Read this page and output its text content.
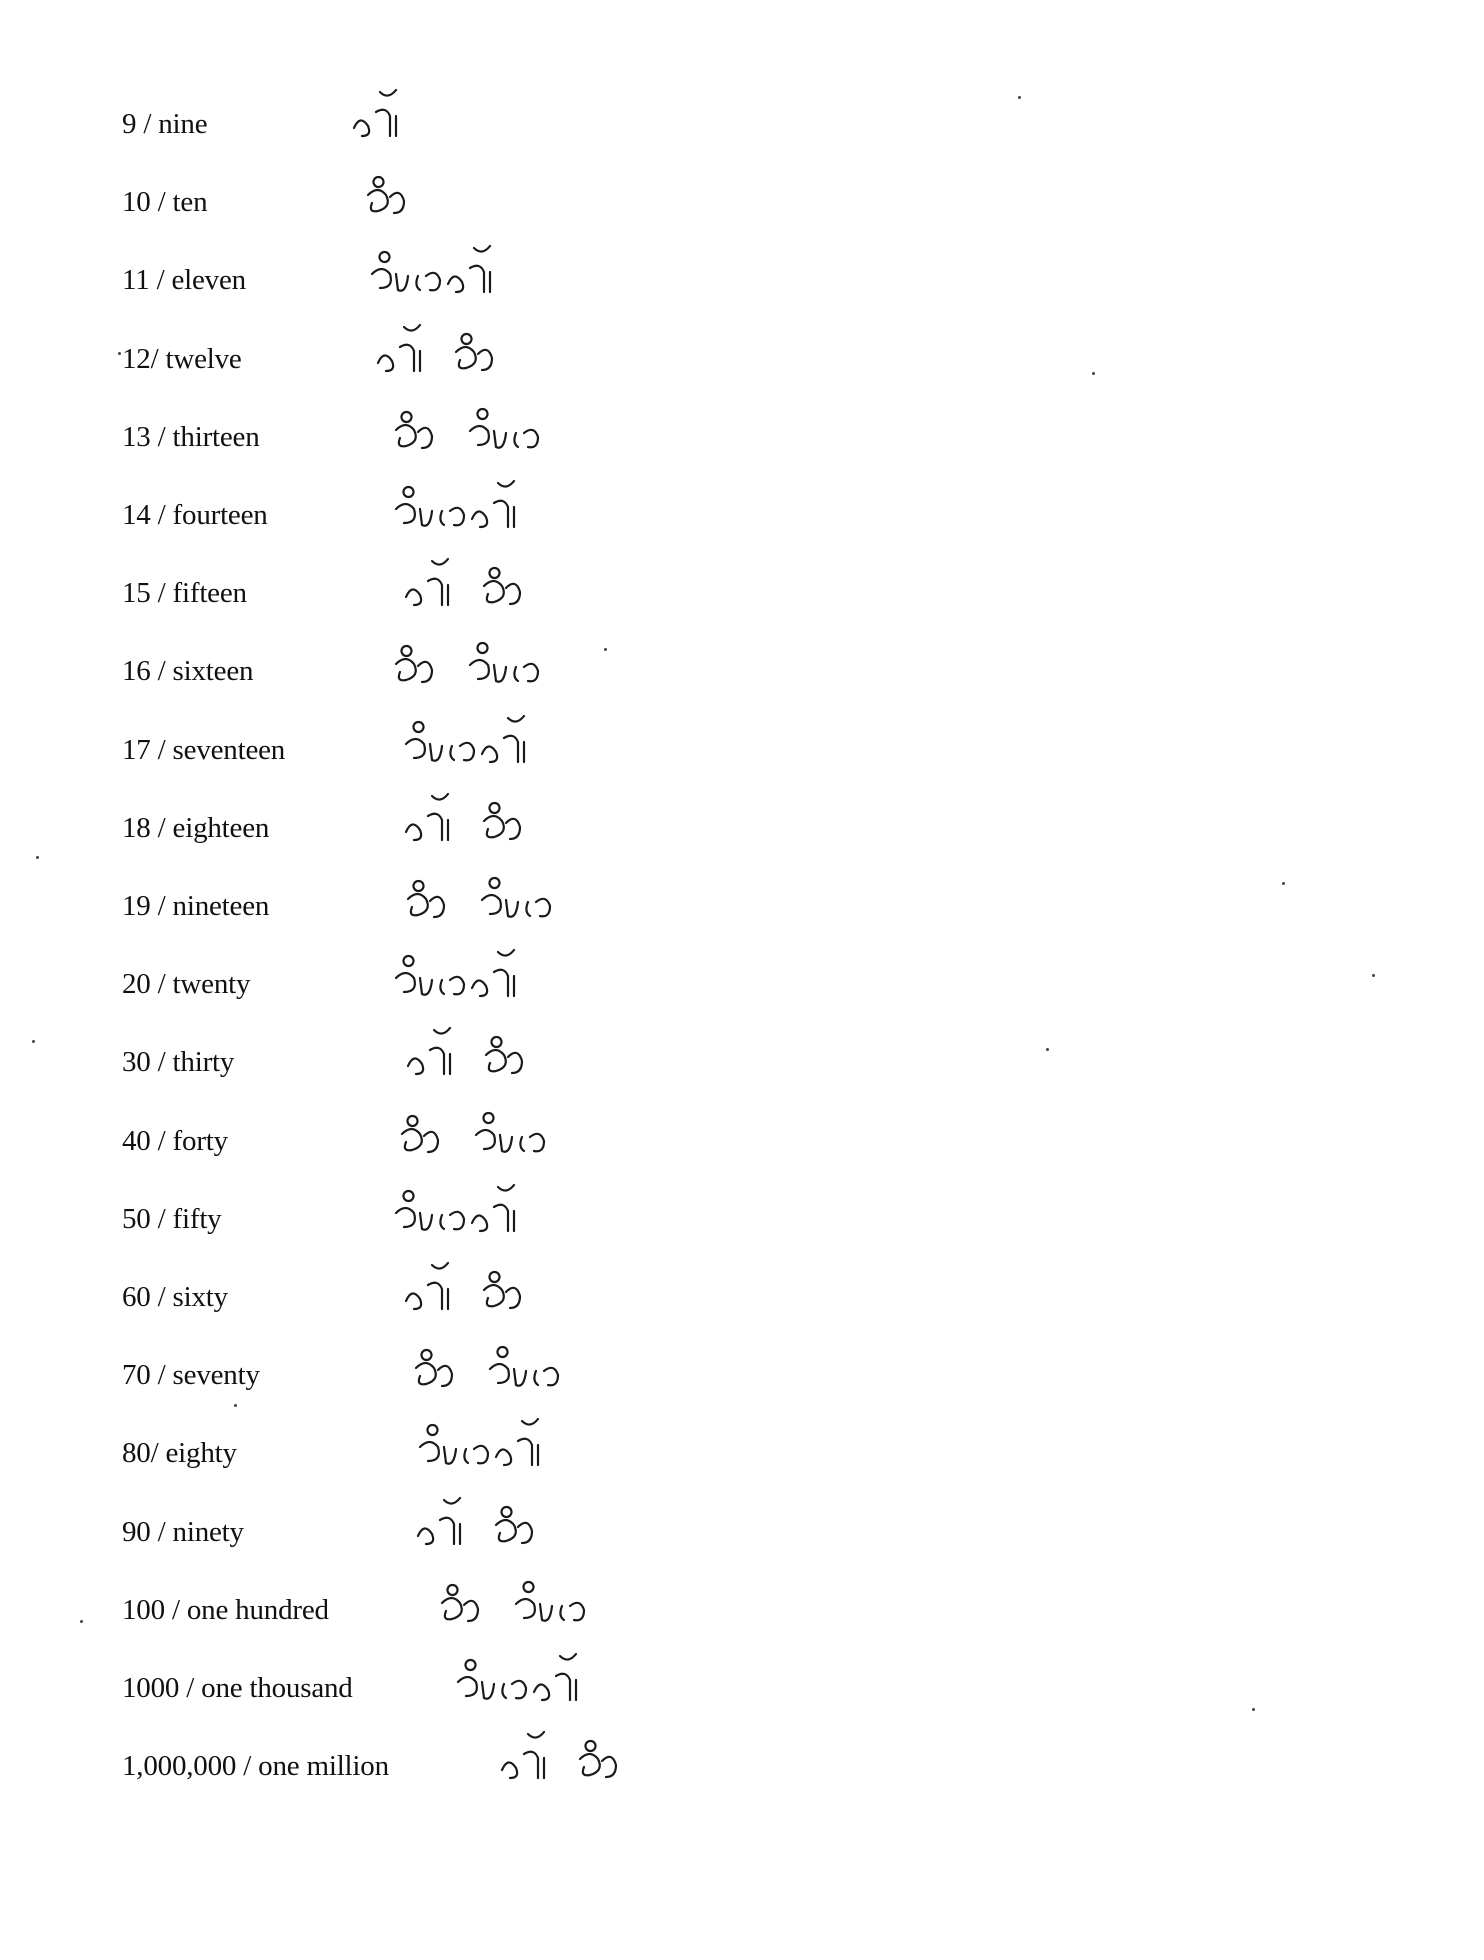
9 / nine
10 / ten
11 / eleven
12/ twelve
13 / thirteen
14 / fourteen
15 / fifteen
16 / sixteen
17 / seventeen
18 / eighteen
19 / nineteen
20 / twenty
30 / thirty
40 / forty
50 / fifty
60 / sixty
70 / seventy
80/ eighty
90 / ninety
100 / one hundred
1000 / one thousand
1,000,000 / one million
